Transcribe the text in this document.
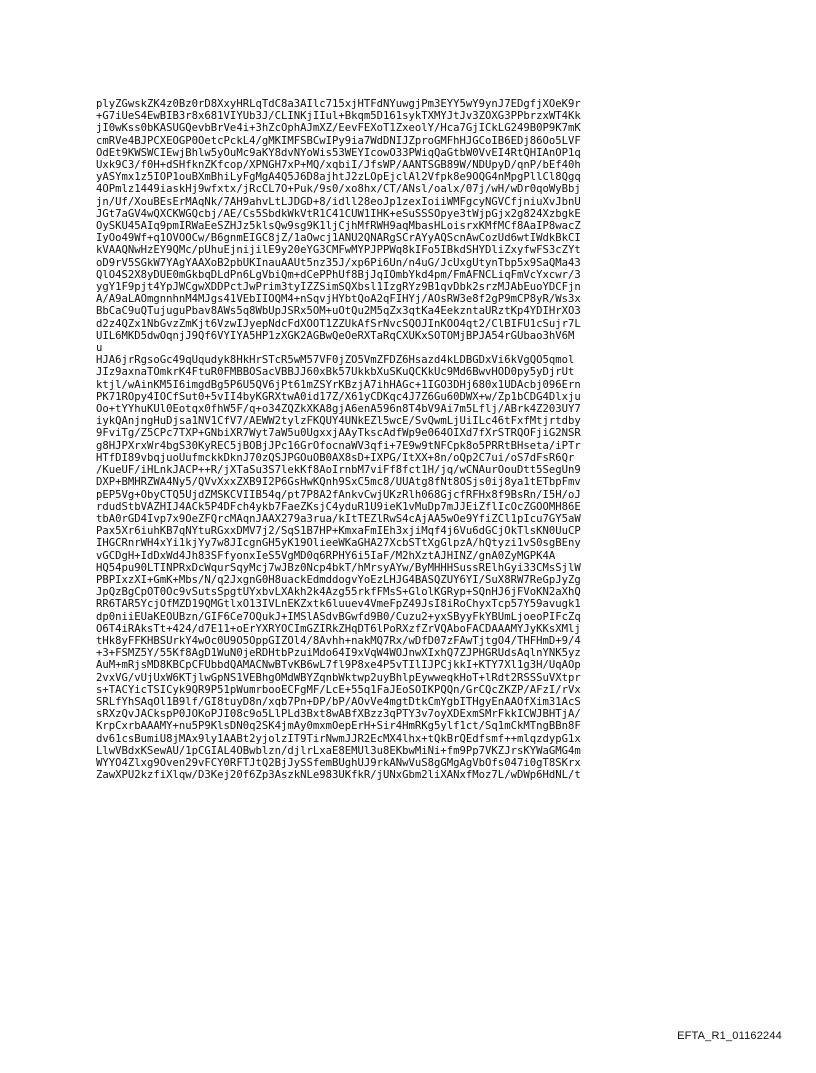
plyZGwskZK4z0Bz0rD8XxyHRLqTdC8a3AIlc715xjHTFdNYuwgjPm3EYY5wY9ynJ7EDgfjXOeK9r
+G7iUeS4EwBIB3r8x681VIYUb3J/CLINKjIIul+Bkqm5D161sykTXMYJtJv3ZOXG3PPbrzxWT4Kk
jI0wKss0bKASUGQevbBrVe4i+3hZcOphAJmXZ/EevFEXoT1ZxeolY/Hca7GjICkLG249B0P9K7mK
cmRVe4BJPCXEOGP0OetcPckL4/gMKIMFSBCwIPy9ia7WdDNIJZproGMFhHJGCoIB6EDj86Oo5LVF
OdEt9KWSWCIEwjBhlw5yOuMc9aKY8dvNYoWis53WEYIcowO33PWiqQaGtbW0VvEI4RtQHIAnOP1q
Uxk9C3/f0H+dSHfknZKfcop/XPNGH7xP+MQ/xqbiI/JfsWP/AANTSGB89W/NDUpyD/qnP/bEf40h
yASYmx1z5IOP1ouBXmBhiLyFgMgA4Q5J6D8ajhtJ2zLOpEjclAl2Vfpk8e9OQG4nMpgPllCl8Qgq
4OPmlz1449iaskHj9wfxtx/jRcCL7O+Puk/9s0/xo8hx/CT/ANsl/oalx/07j/wH/wDr0qoWyBbj
jn/Uf/XouBEsErMAqNk/7AH9ahvLtLJDGD+8/idll28eoJp1zexIoiiWMFgcyNGVCfjniuXvJbnU
JGt7aGV4wQXCKWGQcbj/AE/Cs5SbdkWkVtR1C41CUW1IHK+eSuSSSOpye3tWjpGjx2g824XzbgkE
OySKU45AIq9pmIRWaEeSZHJz5klsQw9sg9K1ljCjhMfRWH9aqMbasHLoisrxKMfMCf8AaIP8wacZ
IyOo49Wf+q1OVOOCw/B6gnmEIGC8jZ/1aOwcj1ANU2QNARgSCrAYyAQScnAwCozUd6wtIWdkBkCI
kVAAQNwHzEY9QMc/pUhuEjnijilE9y20eYG3CMFwMYPJPPWq8kIFo5IBkdSHYDliZxyfwFS3cZYt
oD9rV5SGkW7YAgYAAXoB2pbUKInauAAUt5nz35J/xp6Pi6Un/n4uG/JcUxgUtynTbp5x9SaQMa43
QlO4S2X8yDUE0mGkbqDLdPn6LgVbiQm+dCePPhUf8BjJqIOmbYkd4pm/FmAFNCLiqFmVcYxcwr/3
ygY1F9pjt4YpJWCgwXDDPctJwPrim3tyIZZSimSQXbsl1IzgRYz9B1qvDbk2srzMJAbEuoYDCFjn
A/A9aLAOmgnnhnM4MJgs41VEbIIOQM4+nSqvjHYbtQoA2qFIHYj/AOsRW3e8f2gP9mCP8yR/Ws3x
BbCaC9uQTujuguPbav8AWs5q8WbUpJSRx5OM+uOtQu2M5qZx3qtKa4EekzntaURztKp4YDIHrXO3
d2z4QZx1NbGvzZmKjt6VzwIJyepNdcFdXOOT1ZZUkAfSrNvcSQOJInKOO4qt2/ClBIFU1cSujr7L
UIL6MKD5dwOqnjJ9Qf6VYIYA5HP1zXGK2AGBwQeOeRXTaRqCXUKxSOTOMjBPJA54rGUbao3hV6M
u
HJA6jrRgsoGc49qUqudyk8HkHrSTcR5wM57VF0jZO5VmZFDZ6Hsazd4kLDBGDxVi6kVgQO5qmol
JIz9axnaTOmkrK4FtuR0FMBBOSacVBBJJ60xBk57UkkbXuSKuQCKkUc9Md6BwvHOD0py5yDjrUt
ktjl/wAinKM5I6imgdBg5P6U5QV6jPt61mZSYrKBzjA7ihHAGc+1IGO3DHj680x1UDAcbj096Ern
PK71ROpy4IOCfSut0+5vII4byKGRXtwA0id17Z/X61yCDKqc4J7Z6Gu60DWX+w/Zp1bCDG4Dlxju
Oo+tYYhuKUl0Eotqx0fhW5F/q+o34ZQZkXKA8gjA6enA596n8T4bV9Ai7m5Lflj/ABrk4Z203UY7
iykQAnjngHuDjsa1NV1CfV7/AEWW2tylzFKQUY4UNkEZl5wcE/SvQwmLjUiILc46tFxfMtjrtdby
9FviTg/Z5CPc7TXP+GNbiXR7Wyt7aW5u0UgxxjAAyTkscAdfWp9e064OIXd7fXrSTRQOFjiG2NSR
g8HJPXrxWr4bgS30KyREC5jBOBjJPc16GrOfocnaWV3qfi+7E9w9tNFCpk8o5PRRtBHseta/iPTr
HTfDI89vbqjuoUufmckkDknJ70zQSJPGOuOB0AX8sD+IXPG/ItXX+8n/oQp2C7ui/oS7dFsR6Qr
/KueUF/iHLnkJACP++R/jXTaSu3S7lekKf8AoIrnbM7viFf8fct1H/jq/wCNAurOouDtt5SegUn9
DXP+BMHRZWA4Ny5/QVvXxxZXB9I2P6GsHwKQnh9SxC5mc8/UUAtg8fNt8OSjs0ij8ya1tETbpFmv
pEP5Vg+ObyCTQ5UjdZMSKCVIIB54q/pt7P8A2fAnkvCwjUKzRlh068GjcfRFHx8f9BsRn/I5H/oJ
rdudStbVAZHIJ4ACk5P4DFch4ykb7FaeZKsjC4yduR1U9ieK1vMuDp7mJJEiZflIcOcZGOOMH86E
tbA0rGD4Ivp7x9OeZFQrcMAqnJAAX279a3rua/kItTEZlRwS4cAjAA5wOe9YfiZCl1pIcu7GY5aW
Pax5Xr6iuhKB7qNYtuRGxxDMV7j2/SqS1B7HP+KmxaFmIEh3xjiMqf4j6Vu6dGCjOkTlsKN0UuCP
IHGCRnrWH4xYi1kjYy7w8JIcgnGH5yK19OlieeWKaGHA27XcbSTtXgGlpzA/hQtyzi1vS0sgBEny
vGCDgH+IdDxWd4Jh83SFfyonxIeS5VgMD0q6RPHY6i5IaF/M2hXztAJHINZ/gnA0ZyMGPK4A
HQ54pu90LTINPRxDcWqurSqyMcj7wJBz0Ncp4bkT/hMrsyAYw/ByMHHHSussRElhGyi33CMsSjlW
PBPIxzXI+GmK+Mbs/N/q2JxgnG0H8uackEdmddogvYoEzLHJG4BASQZUY6YI/SuX8RW7ReGpJyZg
JpQzBgCpOT0Oc9vSutsSpgtUYxbvLXAkh2k4Azg55rkfFMsS+GlolKGRyp+SQnHJ6jFVoKN2aXhQ
RR6TAR5YcjOfMZD19QMGtlxO13IVLnEKZxtk6luuev4VmeFpZ49JsI8iRoChyxTcp57Y59avugk1
dp0niiEUaKEOUBzn/GIF6Ce7OQukJ+IMSlASdvBGwfd9B0/Cuzu2+yxSByyFkYBUmLjoeoPIFcZq
O6T4iRAksTt+424/d7E11+oErYXRYOCImGZIRkZHqDT6lPoRXzfZrVQAboFACDAAAMYJyKKsXMlj
tHk8yFFKHBSUrkY4wOc0U9O5OppGIZOl4/8Avhh+nakMQ7Rx/wDfD07zFAwTjtgO4/THFHmD+9/4
+3+FSMZ5Y/55Kf8AgD1WuN0jeRDHtbPzuiMdo64I9xVqW4WOJnwXIxhQ7ZJPHGRUdsAqlnYNK5yz
AuM+mRjsMD8KBCpCFUbbdQAMACNwBTvKB6wL7fl9P8xe4P5vTIlIJPCjkkI+KTY7Xl1g3H/UqAOp
2vxVG/vUjUxW6KTjlwGpNS1VEBhgOMdWBYZqnbWktwp2uyBhlpEywweqkHoT+lRdt2RSSSuVXtpr
s+TACYicTSICyk9QR9P51pWumrbooECFgMF/LcE+55q1FaJEoSOIKPQQn/GrCQcZKZP/AFzI/rVx
SRLfYhSAqOl1B9lf/GI8tuyD8n/xqb7Pn+DP/bP/AOvVe4mgtDtkCmYgbITHgyEnAAOfXim31AcS
sRXzQvJACkspP0JOKoPJI08c9o5LlPLd3Bxt8wABfXBzz3qPTY3v7oyXDExmSMrFkkICWJBHTjA/
KrpCxrbAAAMY+nu5P9KlsDN0q2SK4jmAy0mxmOepErH+Sir4HmRKg5ylf1ct/Sq1mCkMTngBBn8F
dv61csBumiU8jMAx9ly1AABt2yjolzIT9TirNwmJJR2EcMX4lhx+tQkBrQEdfsmf++mlqzdypG1x
LlwVBdxKSewAU/1pCGIAL4OBwblzn/djlrLxaE8EMUl3u8EKbwMiNi+fm9Pp7VKZJrsKYWaGMG4m
WYYO4Zlxg9Oven29vFCY0RFTJtQ2BjJySSfemBUghUJ9rkANwVuS8gGMgAgVbOfs047i0gT8SKrx
ZawXPU2kzfiXlqw/D3Kej20f6Zp3AszkNLe983UKfkR/jUNxGbm2liXANxfMoz7L/wDWp6HdNL/t
EFTA_R1_01162244
